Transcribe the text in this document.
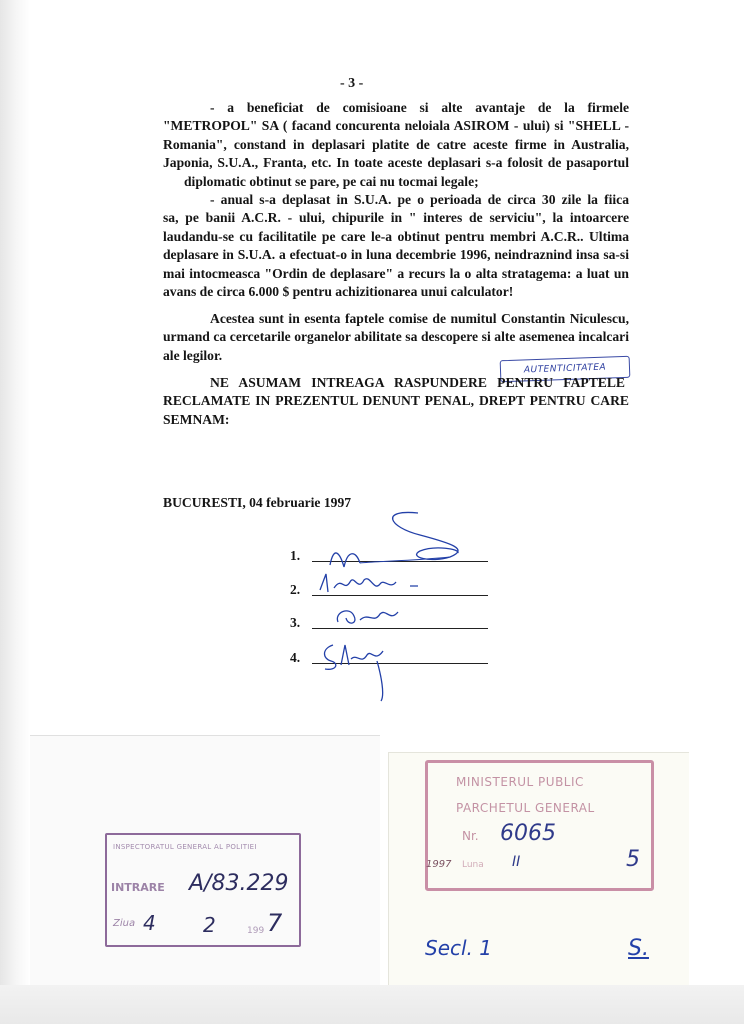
- 3 -
- a beneficiat de comisioane si alte avantaje de la firmele
"METROPOL" SA ( facand concurenta neloiala ASIROM - ului) si "SHELL -
Romania", constand in deplasari platite de catre aceste firme in Australia,
Japonia, S.U.A., Franta, etc. In toate aceste deplasari s-a folosit de pasaportul
diplomatic obtinut se pare, pe cai nu tocmai legale;
- anual s-a deplasat in S.U.A. pe o perioada de circa 30 zile la fiica
sa, pe banii A.C.R. - ului, chipurile in " interes de serviciu", la intoarcere
laudandu-se cu facilitatile pe care le-a obtinut pentru membri A.C.R.. Ultima
deplasare in S.U.A. a efectuat-o in luna decembrie 1996, neindraznind insa sa-si
mai intocmeasca "Ordin de deplasare" a recurs la o alta stratagema: a luat un
avans de circa 6.000 $ pentru achizitionarea unui calculator!
Acestea sunt in esenta faptele comise de numitul Constantin Niculescu,
urmand ca cercetarile organelor abilitate sa descopere si alte asemenea incalcari
ale legilor.
AUTENTICITATEA
NE ASUMAM INTREAGA RASPUNDERE PENTRU FAPTELE
RECLAMATE IN PREZENTUL DENUNT PENAL, DREPT PENTRU CARE
SEMNAM:
BUCURESTI, 04 februarie 1997
1.
2.
3.
4.
INSPECTORATUL GENERAL AL POLITIEI
INTRARE
Ziua
A/83.229
4 2	199 7
MINISTERUL PUBLIC
PARCHETUL GENERAL
Nr. 6065
1997 Luna II	5
Secl. 1	S.
